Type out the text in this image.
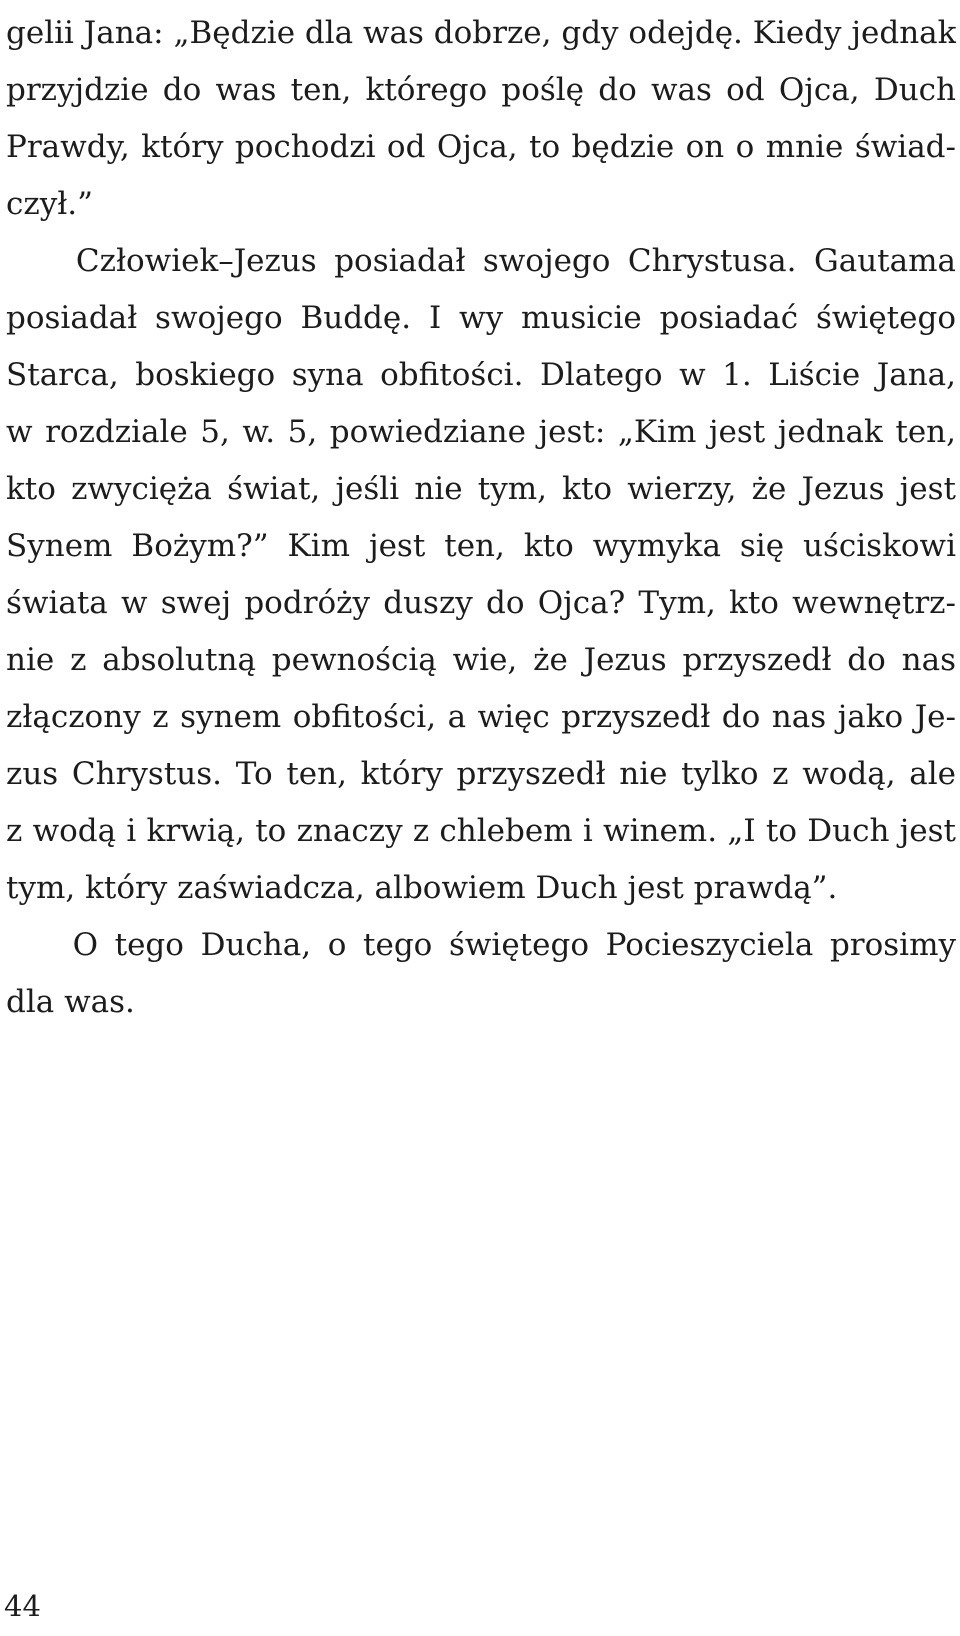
gelii Jana: „Będzie dla was dobrze, gdy odejdę. Kiedy jednak
przyjdzie do was ten, którego poślę do was od Ojca, Duch
Prawdy, który pochodzi od Ojca, to będzie on o mnie świad-
czył.”
Człowiek–Jezus posiadał swojego Chrystusa. Gautama
posiadał swojego Buddę. I wy musicie posiadać świętego
Starca, boskiego syna obfitości. Dlatego w 1. Liście Jana,
w rozdziale 5, w. 5, powiedziane jest: „Kim jest jednak ten,
kto zwycięża świat, jeśli nie tym, kto wierzy, że Jezus jest
Synem Bożym?” Kim jest ten, kto wymyka się uściskowi
świata w swej podróży duszy do Ojca? Tym, kto wewnętrz-
nie z absolutną pewnością wie, że Jezus przyszedł do nas
złączony z synem obfitości, a więc przyszedł do nas jako Je-
zus Chrystus. To ten, który przyszedł nie tylko z wodą, ale
z wodą i krwią, to znaczy z chlebem i winem. „I to Duch jest
tym, który zaświadcza, albowiem Duch jest prawdą”.
O tego Ducha, o tego świętego Pocieszyciela prosimy
dla was.
44
